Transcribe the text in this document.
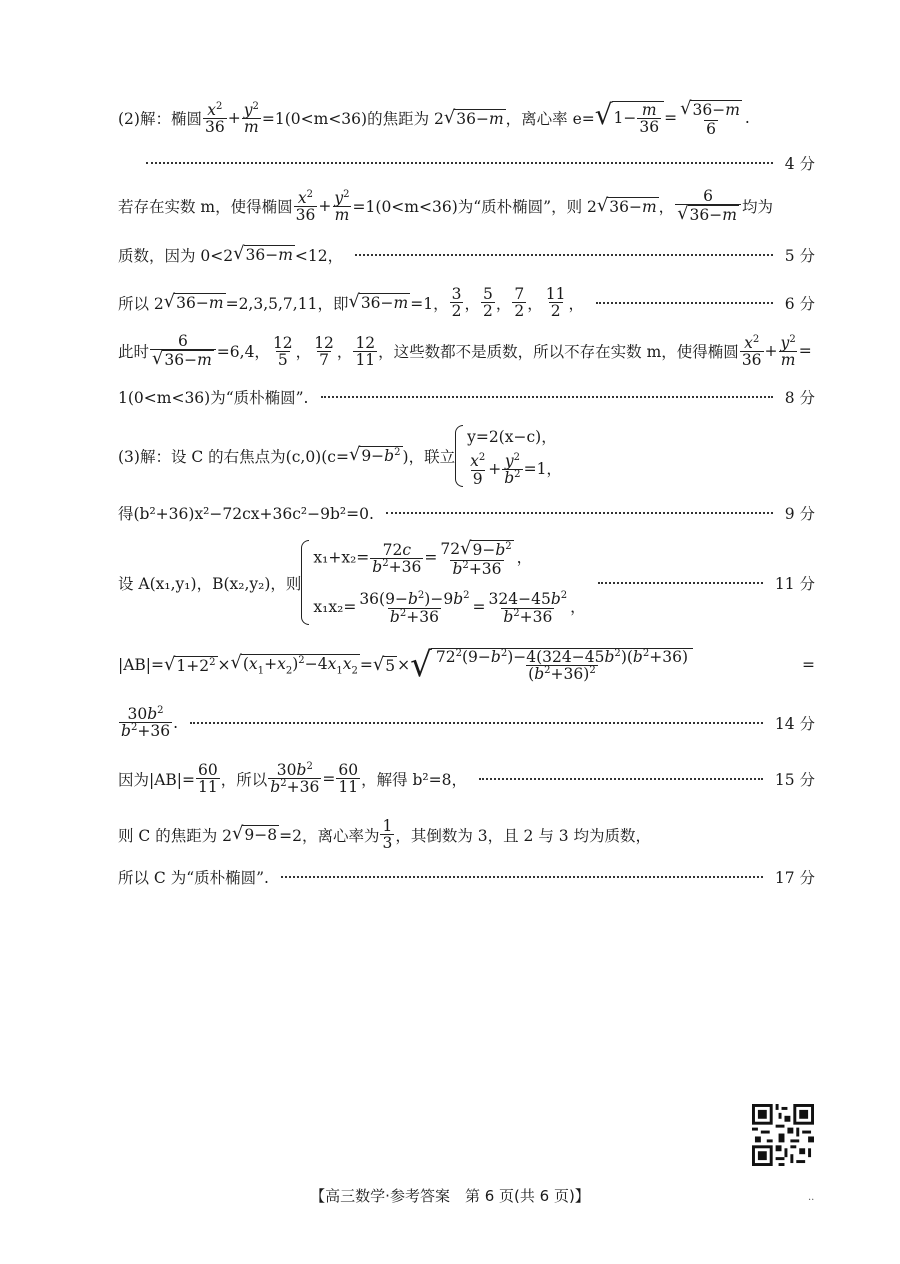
(2)解：椭圆
$x^2$
$36 + \frac{y^2}{m} =1(0<m<36)$的焦距为 2 √ 36−m ，离心率 e= √ $1- \frac{m}{36}$ = √ 36−m
6
.
4 分
若存在实数 m，使得椭圆
$x^2$
$36 + \frac{y^2}{m} =1(0<m<36)$为“质朴椭圆”，则 2 √ 36−m ，
6
√ 36−m 均为
质数，因为 0<2 √ 36−m <12，	5 分
所以 2 √ 36−m =2,3,5,7,11，即 √ 36−m =1，
3
2 ，
5
2 ，
7
2 ，
11
2 ，	6 分
此时 $\frac{6}{√ 36-m} =6,4$，
12
5 ，
12
7 ，
12
11 ，这些数都不是质数，所以不存在实数 m，使得椭圆
$x^2$
$36 + y^2$
m =
1(0<m<36)为“质朴椭圆”.	8 分
(3)解：设 C 的右焦点为(c,0)(c= √ $9-b^2$ )，联立
y=2(x−c)，
$\frac{x^2}{9} + \frac{y^2}{b^2} =1$，
得(b²+36)x²−72cx+36c²−9b²=0.	9 分
设 A(x₁,y₁)，B(x₂,y₂)，则
$x_1+x_2= \frac{72c}{b^2+36} = \frac{72 √ 9-b^2}{b^2+36}$ ，
$x_1x_2= \frac{36(9-b^2)-9b^2}{b^2+36} = \frac{324-45b^2}{b^2+36}$ ，
11 分
|AB|= √ $1+2^2$ × √ $(x_1+x_2)^2-4x_1x_2$ = √ 5 × √ $\frac{72^2(9-b^2)-4(324-45b^2)(b^2+36)}{(b^2+36)^2}$	=
$30b^2$
$b^2+36$ .	14 分
因为$|AB|= \frac{60}{11}$ ，所以
$30b^2$
$b^2+36 = 60$
11 ，解得 b²=8，	15 分
则 C 的焦距为 2 √ 9−8 =2，离心率为
1
3 ，其倒数为 3，且 2 与 3 均为质数，
所以 C 为“质朴椭圆”.	17 分
【高三数学·参考答案　第 6 页(共 6 页)】	..
